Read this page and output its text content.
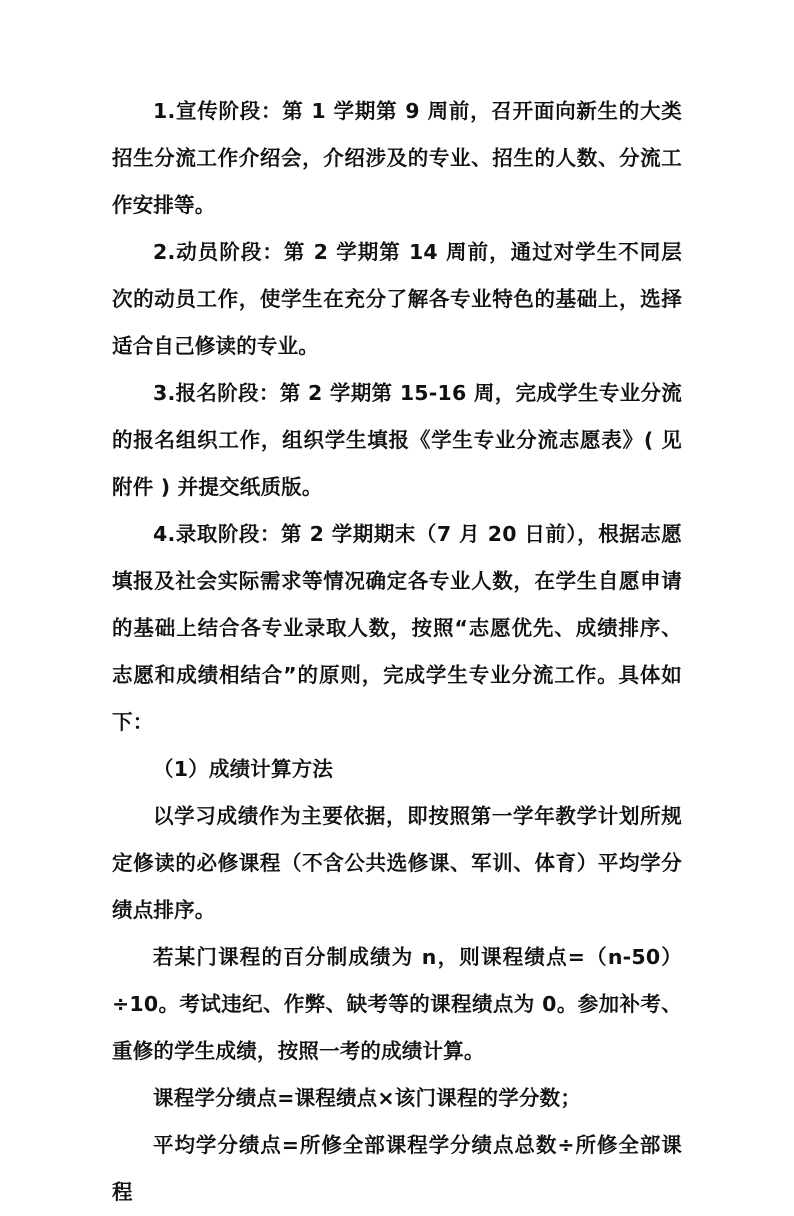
1.宣传阶段：第 1 学期第 9 周前，召开面向新生的大类招生分流工作介绍会，介绍涉及的专业、招生的人数、分流工作安排等。

2.动员阶段：第 2 学期第 14 周前，通过对学生不同层次的动员工作，使学生在充分了解各专业特色的基础上，选择适合自己修读的专业。

3.报名阶段：第 2 学期第 15-16 周，完成学生专业分流的报名组织工作，组织学生填报《学生专业分流志愿表》( 见附件 ) 并提交纸质版。

4.录取阶段：第 2 学期期末（7 月 20 日前），根据志愿填报及社会实际需求等情况确定各专业人数，在学生自愿申请的基础上结合各专业录取人数，按照“志愿优先、成绩排序、志愿和成绩相结合”的原则，完成学生专业分流工作。具体如下：

（1）成绩计算方法

以学习成绩作为主要依据，即按照第一学年教学计划所规定修读的必修课程（不含公共选修课、军训、体育）平均学分绩点排序。

若某门课程的百分制成绩为 n，则课程绩点=（n-50）÷10。考试违纪、作弊、缺考等的课程绩点为 0。参加补考、重修的学生成绩，按照一考的成绩计算。

课程学分绩点=课程绩点×该门课程的学分数；

平均学分绩点=所修全部课程学分绩点总数÷所修全部课程
